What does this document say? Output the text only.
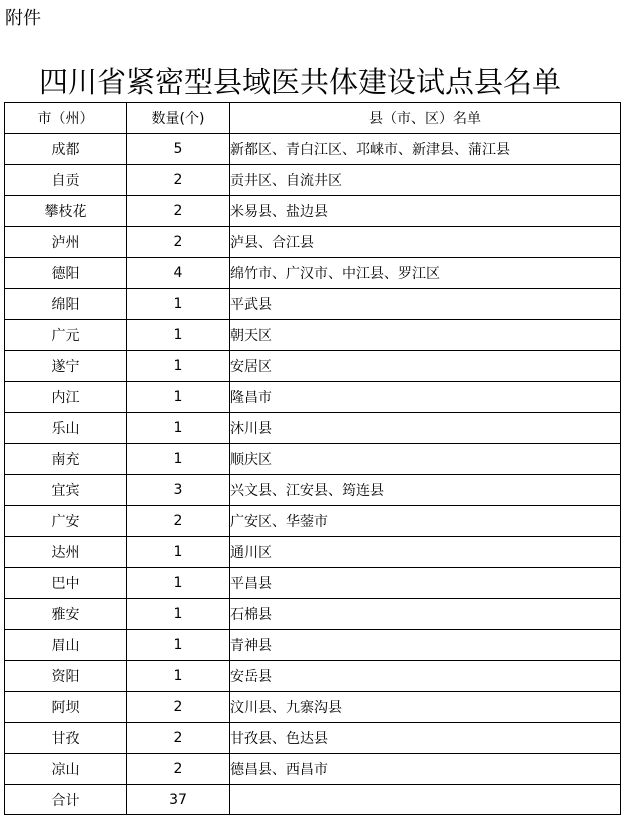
附件
四川省紧密型县域医共体建设试点县名单
市（州）	数量(个)	县（市、区）名单
成都	5	新都区、青白江区、邛崃市、新津县、蒲江县
自贡	2	贡井区、自流井区
攀枝花	2	米易县、盐边县
泸州	2	泸县、合江县
德阳	4	绵竹市、广汉市、中江县、罗江区
绵阳	1	平武县
广元	1	朝天区
遂宁	1	安居区
内江	1	隆昌市
乐山	1	沐川县
南充	1	顺庆区
宜宾	3	兴文县、江安县、筠连县
广安	2	广安区、华蓥市
达州	1	通川区
巴中	1	平昌县
雅安	1	石棉县
眉山	1	青神县
资阳	1	安岳县
阿坝	2	汶川县、九寨沟县
甘孜	2	甘孜县、色达县
凉山	2	德昌县、西昌市
合计	37	
